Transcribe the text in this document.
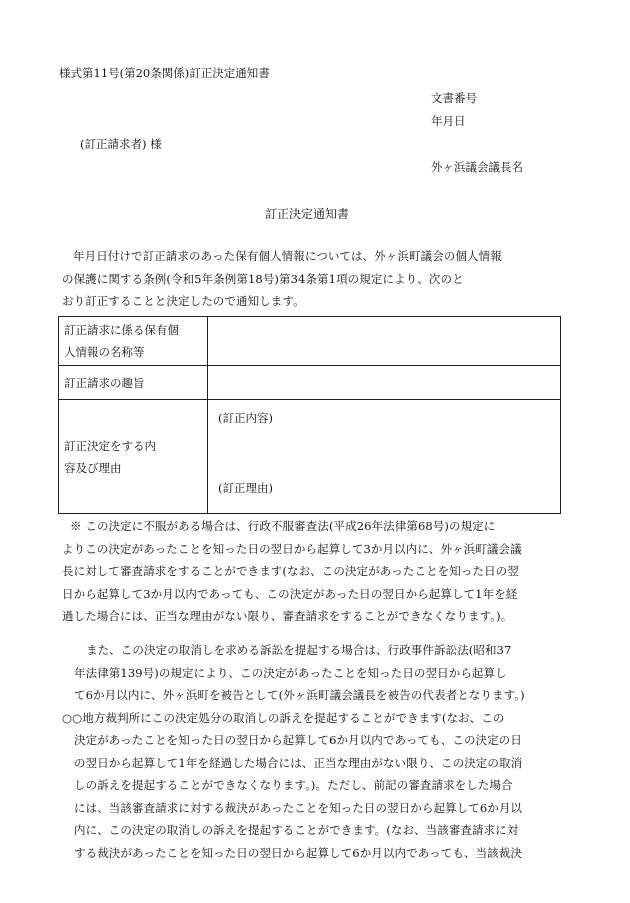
様式第11号(第20条関係)訂正決定通知書
文書番号
年月日
(訂正請求者) 様
外ヶ浜議会議長名
訂正決定通知書
年月日付けで訂正請求のあった保有個人情報については、外ヶ浜町議会の個人情報
の保護に関する条例(令和5年条例第18号)第34条第1項の規定により、次のと
おり訂正することと決定したので通知します。
訂正請求に係る保有個
人情報の名称等	

訂正請求の趣旨	

訂正決定をする内
容及び理由	(訂正内容)
(訂正理由)
※ この決定に不服がある場合は、行政不服審査法(平成26年法律第68号)の規定に
よりこの決定があったことを知った日の翌日から起算して3か月以内に、外ヶ浜町議会議
長に対して審査請求をすることができます(なお、この決定があったことを知った日の翌
日から起算して3か月以内であっても、この決定があった日の翌日から起算して1年を経
過した場合には、正当な理由がない限り、審査請求をすることができなくなります。)。
また、この決定の取消しを求める訴訟を提起する場合は、行政事件訴訟法(昭和37
年法律第139号)の規定により、この決定があったことを知った日の翌日から起算し
て6か月以内に、外ヶ浜町を被告として(外ヶ浜町議会議長を被告の代表者となります。)
○○地方裁判所にこの決定処分の取消しの訴えを提起することができます(なお、この
決定があったことを知った日の翌日から起算して6か月以内であっても、この決定の日
の翌日から起算して1年を経過した場合には、正当な理由がない限り、この決定の取消
しの訴えを提起することができなくなります。)。ただし、前記の審査請求をした場合
には、当該審査請求に対する裁決があったことを知った日の翌日から起算して6か月以
内に、この決定の取消しの訴えを提起することができます。(なお、当該審査請求に対
する裁決があったことを知った日の翌日から起算して6か月以内であっても、当該裁決
